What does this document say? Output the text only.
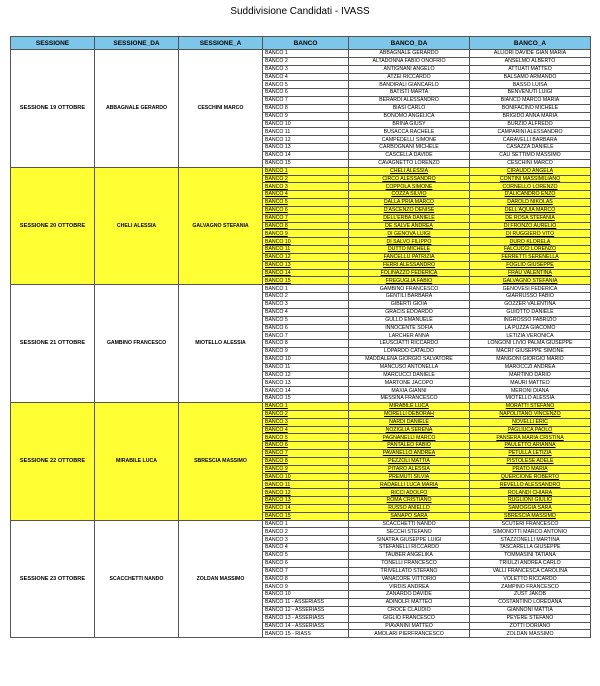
Suddivisione Candidati - IVASS
SESSIONE	SESSIONE_DA	SESSIONE_A	BANCO	BANCO_DA	BANCO_A
SESSIONE 19 OTTOBRE	ABBAGNALE GERARDO	CESCHINI MARCO	BANCO 1	ABBAGNALE GERARDO	ALLIORI DAVIDE GIAN MARIA
			BANCO 2	ALTADONNA FABIO ONOFRIO	ANSELMO ALBERTO
			BANCO 3	ANTIGNANI ANGELO	ATTUATI MATTEO
			BANCO 4	ATZEI RICCARDO	BALSAMO ARMANDO
			BANCO 5	BANDIRALI GIANCARLO	BASSO LUISA
			BANCO 6	BATISTI MARTA	BENVENUTI LUIGI
			BANCO 7	BERARDI ALESSANDRO	BIANCO MARCO MARIA
			BANCO 8	BIASI CARLO	BONIFACINO MICHELE
			BANCO 9	BONOMO ANGELICA	BRIGIDO ANNA MARIA
			BANCO 10	BRINA GIUSY	BURZIO ALFREDO
			BANCO 11	BUSACCA RACHELE	CAMPARINI ALESSANDRO
			BANCO 12	CAMPEDELLI SIMONE	CARAVELLI BARBARA
			BANCO 13	CARBOGNANI MICHELE	CASAZZA DANIELE
			BANCO 14	CASCELLA DAVIDE	CAU SETTIMO MASSIMO
			BANCO 15	CAVAGNETTO LORENZO	CESCHINI MARCO
SESSIONE 20 OTTOBRE	CHELI ALESSIA	GALVAGNO STEFANIA	BANCO 1	CHELI ALESSIA	CIRAUDO ANGELA
			BANCO 2	CIRCO ALESSANDRO	CONTINI MASSIMILIANO
			BANCO 3	COPPOLA SIMONE	CORNELLO LORENZO
			BANCO 4	COZZA SILVIO	D'ALICANDRO ENZO
			BANCO 5	DALLA PRIA MARCO	DAROLD NIKOLAS
			BANCO 6	D'ASCENZO DENISE	DELL'AQUIA MARCO
			BANCO 7	DELL'ERBA DANIELE	DE ROSA STEFANIA
			BANCO 8	DE SALVE ANDREA	DI FRONZO AURELIO
			BANCO 9	DI GENOVA LUIGI	DI RUGGIERO VITO
			BANCO 10	DI SALVO FILIPPO	DURO KLORELA
			BANCO 11	DUTTO MICHELE	FALCUCCI LORENZO
			BANCO 12	FANCELLU PATRIZIA	FERRETTI SERENELLA
			BANCO 13	FERRI ALESSANDRO	FOGLIO GIUSEPPE
			BANCO 14	FOLINAZZO FEDERICA	FRAU VALENTINA
			BANCO 15	FREGUGLIA FABIO	GALVAGNO STEFANIA
SESSIONE 21 OTTOBRE	GAMBINO FRANCESCO	MIOTELLO ALESSIA	BANCO 1	GAMBINO FRANCESCO	GENOVESI FEDERICA
			BANCO 2	GENTILI BARBARA	GIARRUSSO FABIO
			BANCO 3	GIBERTI GIOIA	GOZZER VALENTINA
			BANCO 4	GRACIS EDOARDO	GUIOTTO DANIELE
			BANCO 5	GULLO EMANUELE	INGROSSO FABRIZIO
			BANCO 6	INNOCENTE SOFIA	LA PUZZA GIACOMO
			BANCO 7	LARCHER ANNA	LETIZIA VERONICA
			BANCO 8	LEUSCIATTI RICCARDO	LONGONI LIVIO PALMA GIUSEPPE
			BANCO 9	LOPARDO CATALDO	MACRI' GIUSEPPE SIMONE
			BANCO 10	MADDALENA GIORGIO SALVATORE	MANGONI GIORGIO MARIO
			BANCO 11	MANCUSO ANTONELLA	MAROCCZI ANDREA
			BANCO 12	MARCUCCI DANIELE	MARTINO DARIO
			BANCO 13	MARTONE JACOPO	MAURI MATTEO
			BANCO 14	MAXIA GIANNI	MERONI DIANA
			BANCO 15	MESSINA FRANCESCO	MIOTELLO ALESSIA
SESSIONE 22 OTTOBRE	MIRABILE LUCA	SBRESCIA MASSIMO	BANCO 1	MIRABILE LUCA	MORATTI STEFANO
			BANCO 2	MORELLI DEBORAH	NAPOLITANO VINCENZO
			BANCO 3	NARDI DANIELE	NOVELLI ERIC
			BANCO 4	NOZIGLIA SERENA	PAGLIUCA PAOLO
			BANCO 5	PAGNANELLI MARCO	PANSERA MARIA CRISTINA
			BANCO 6	PANTALEO FABIO	PAULETTO ARIANNA
			BANCO 7	PAVANELLO ANDREA	PETULLA LETIZIA
			BANCO 8	PEZZOLI MATTIA	PISTOLESE ADELE
			BANCO 9	PITARO ALESSIA	PRATO MARIA
			BANCO 10	PREMUTI SILVIA	QUERCIONE ROBERTO
			BANCO 11	RADAELLI LUCA MARIA	REVELLO ALESSANDRO
			BANCO 12	RICCI ADOLFO	ROLANDI CHIARA
			BANCO 13	ROMA CRISTIANO	RUGLIONI GIULIO
			BANCO 14	RUSSO ANIELLO	SAMOGGIA SARA
			BANCO 15	SANAPO SARA	SBRESCIA MASSIMO
SESSIONE 23 OTTOBRE	SCACCHETTI NANDO	ZOLDAN MASSIMO	BANCO 1	SCACCHETTI NANDO	SCUTERI FRANCESCO
			BANCO 2	SECCHI STEFANO	SIMONOTTI MARCO ANTONIO
			BANCO 3	SINATRA GIUSEPPE LUIGI	STAZZONELLI MARTINA
			BANCO 4	STEFANELLI RICCARDO	TASCARELLA GIUSEPPE
			BANCO 5	TAUBER ANGELIKA	TOMMASINI TATIANA
			BANCO 6	TONELLI FRANCESCO	TRIULZI ANDREA CARLO
			BANCO 7	TRIVELLATO STEFANO	VALLI FRANCESCA CAROLINA
			BANCO 8	VANACORE VITTORIO	VOLETTO RICCARDO
			BANCO 9	VIRDIS ANDREA	ZAMPINO FRANCESCO
			BANCO 10	ZANARDO DAVIDE	ZUST JAKOB
			BANCO 11 - ASSERIASS	ADINOLFI MATTEO	COSTANTINO LOREDANA
			BANCO 12 - ASSERIASS	CROCE CLAUDIO	GIANNONI MATTIA
			BANCO 13 - ASSERIASS	GIGLIO FRANCESCO	PEYERE STEFANO
			BANCO 14 - ASSERIASS	PIAVANINI MATTEO	ZOTTI DORIANO
			BANCO 15 - RIASS	AMOLARI PIERFRANCESCO	ZOLDAN MASSIMO
